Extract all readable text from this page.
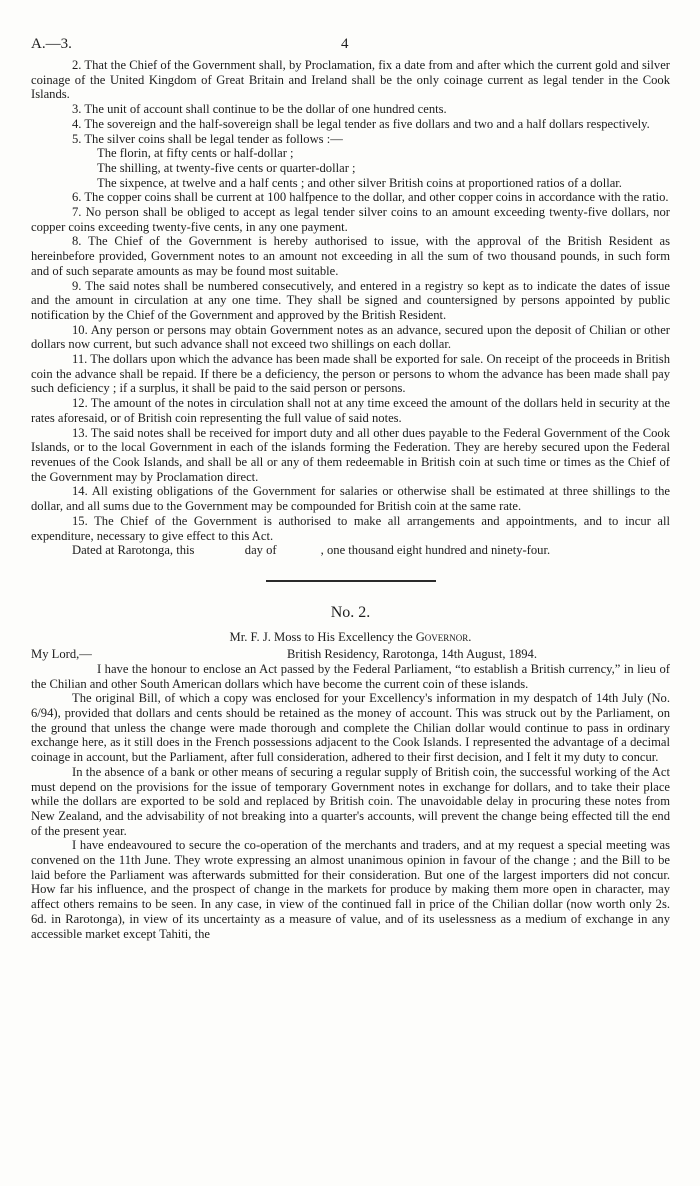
A.—3.	4

2. That the Chief of the Government shall, by Proclamation, fix a date from and after which the current gold and silver coinage of the United Kingdom of Great Britain and Ireland shall be the only coinage current as legal tender in the Cook Islands.

3. The unit of account shall continue to be the dollar of one hundred cents.

4. The sovereign and the half-sovereign shall be legal tender as five dollars and two and a half dollars respectively.

5. The silver coins shall be legal tender as follows :—

The florin, at fifty cents or half-dollar ;

The shilling, at twenty-five cents or quarter-dollar ;

The sixpence, at twelve and a half cents ; and other silver British coins at proportioned ratios of a dollar.

6. The copper coins shall be current at 100 halfpence to the dollar, and other copper coins in accordance with the ratio.

7. No person shall be obliged to accept as legal tender silver coins to an amount exceeding twenty-five dollars, nor copper coins exceeding twenty-five cents, in any one payment.

8. The Chief of the Government is hereby authorised to issue, with the approval of the British Resident as hereinbefore provided, Government notes to an amount not exceeding in all the sum of two thousand pounds, in such form and of such separate amounts as may be found most suitable.

9. The said notes shall be numbered consecutively, and entered in a registry so kept as to indicate the dates of issue and the amount in circulation at any one time. They shall be signed and countersigned by persons appointed by public notification by the Chief of the Government and approved by the British Resident.

10. Any person or persons may obtain Government notes as an advance, secured upon the deposit of Chilian or other dollars now current, but such advance shall not exceed two shillings on each dollar.

11. The dollars upon which the advance has been made shall be exported for sale. On receipt of the proceeds in British coin the advance shall be repaid. If there be a deficiency, the person or persons to whom the advance has been made shall pay such deficiency ; if a surplus, it shall be paid to the said person or persons.

12. The amount of the notes in circulation shall not at any time exceed the amount of the dollars held in security at the rates aforesaid, or of British coin representing the full value of said notes.

13. The said notes shall be received for import duty and all other dues payable to the Federal Government of the Cook Islands, or to the local Government in each of the islands forming the Federation. They are hereby secured upon the Federal revenues of the Cook Islands, and shall be all or any of them redeemable in British coin at such time or times as the Chief of the Government may by Proclamation direct.

14. All existing obligations of the Government for salaries or otherwise shall be estimated at three shillings to the dollar, and all sums due to the Government may be compounded for British coin at the same rate.

15. The Chief of the Government is authorised to make all arrangements and appointments, and to incur all expenditure, necessary to give effect to this Act.

Dated at Rarotonga, this                day of              , one thousand eight hundred and ninety-four.

No. 2.
Mr. F. J. Moss to His Excellency the Governor.
My Lord,—	British Residency, Rarotonga, 14th August, 1894.

I have the honour to enclose an Act passed by the Federal Parliament, “to establish a British currency,” in lieu of the Chilian and other South American dollars which have become the current coin of these islands.

The original Bill, of which a copy was enclosed for your Excellency's information in my despatch of 14th July (No. 6/94), provided that dollars and cents should be retained as the money of account. This was struck out by the Parliament, on the ground that unless the change were made thorough and complete the Chilian dollar would continue to pass in ordinary exchange here, as it still does in the French possessions adjacent to the Cook Islands. I represented the advantage of a decimal coinage in account, but the Parliament, after full consideration, adhered to their first decision, and I felt it my duty to concur.

In the absence of a bank or other means of securing a regular supply of British coin, the successful working of the Act must depend on the provisions for the issue of temporary Government notes in exchange for dollars, and to take their place while the dollars are exported to be sold and replaced by British coin. The unavoidable delay in procuring these notes from New Zealand, and the advisability of not breaking into a quarter's accounts, will prevent the change being effected till the end of the present year.

I have endeavoured to secure the co-operation of the merchants and traders, and at my request a special meeting was convened on the 11th June. They wrote expressing an almost unanimous opinion in favour of the change ; and the Bill to be laid before the Parliament was afterwards submitted for their consideration. But one of the largest importers did not concur. How far his influence, and the prospect of change in the markets for produce by making them more open in character, may affect others remains to be seen. In any case, in view of the continued fall in price of the Chilian dollar (now worth only 2s. 6d. in Rarotonga), in view of its uncertainty as a measure of value, and of its uselessness as a medium of exchange in any accessible market except Tahiti, the
